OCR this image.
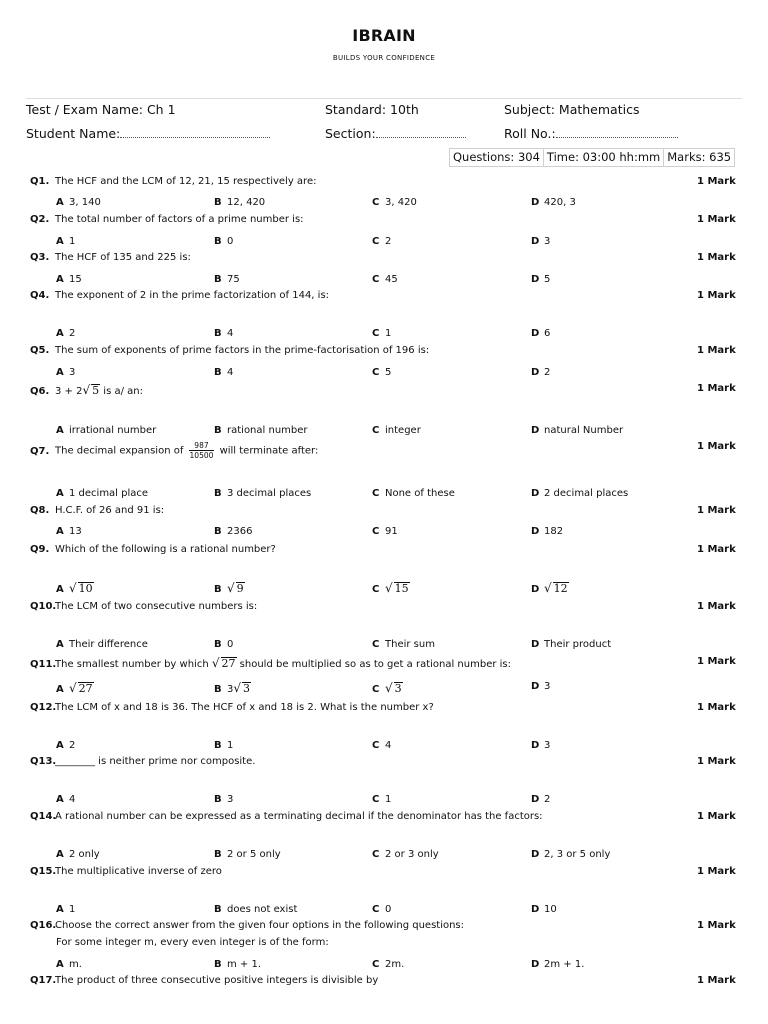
IBRAIN
BUILDS YOUR CONFIDENCE
Test / Exam Name: Ch 1	Standard: 10th	Subject: Mathematics
Student Name:	Section:	Roll No.:
Questions: 304 Time: 03:00 hh:mm Marks: 635
Q1. The HCF and the LCM of 12, 21, 15 respectively are:	1 Mark
A 3, 140	B 12, 420	C 3, 420	D 420, 3
Q2. The total number of factors of a prime number is:	1 Mark
A 1	B 0	C 2	D 3
Q3. The HCF of 135 and 225 is:	1 Mark
A 15	B 75	C 45	D 5
Q4. The exponent of 2 in the prime factorization of 144, is:	1 Mark
A 2	B 4	C 1	D 6
Q5. The sum of exponents of prime factors in the prime-factorisation of 196 is:	1 Mark
A 3	B 4	C 5	D 2
Q6. 3 + 2√ 5 is a/ an:	1 Mark
A irrational number	B rational number	C integer	D natural Number
Q7. The decimal expansion of $\frac{987}{10500}$ will terminate after:	1 Mark
A 1 decimal place	B 3 decimal places	C None of these	D 2 decimal places
Q8. H.C.F. of 26 and 91 is:	1 Mark
A 13	B 2366	C 91	D 182
Q9. Which of the following is a rational number?	1 Mark
A √ 10	B √ 9	C √ 15	D √ 12
Q10.The LCM of two consecutive numbers is:	1 Mark
A Their difference	B 0	C Their sum	D Their product
Q11.The smallest number by which √ 27 should be multiplied so as to get a rational number is:	1 Mark
A √ 27	B 3√ 3	C √ 3	D 3
Q12.The LCM of x and 18 is 36. The HCF of x and 18 is 2. What is the number x?	1 Mark
A 2	B 1	C 4	D 3
Q13.________ is neither prime nor composite.	1 Mark
A 4	B 3	C 1	D 2
Q14.A rational number can be expressed as a terminating decimal if the denominator has the factors:	1 Mark
A 2 only	B 2 or 5 only	C 2 or 3 only	D 2, 3 or 5 only
Q15.The multiplicative inverse of zero	1 Mark
A 1	B does not exist	C 0	D 10
Q16.Choose the correct answer from the given four options in the following questions:	1 Mark
For some integer m, every even integer is of the form:
A m.	B m + 1.	C 2m.	D 2m + 1.
Q17.The product of three consecutive positive integers is divisible by	1 Mark
